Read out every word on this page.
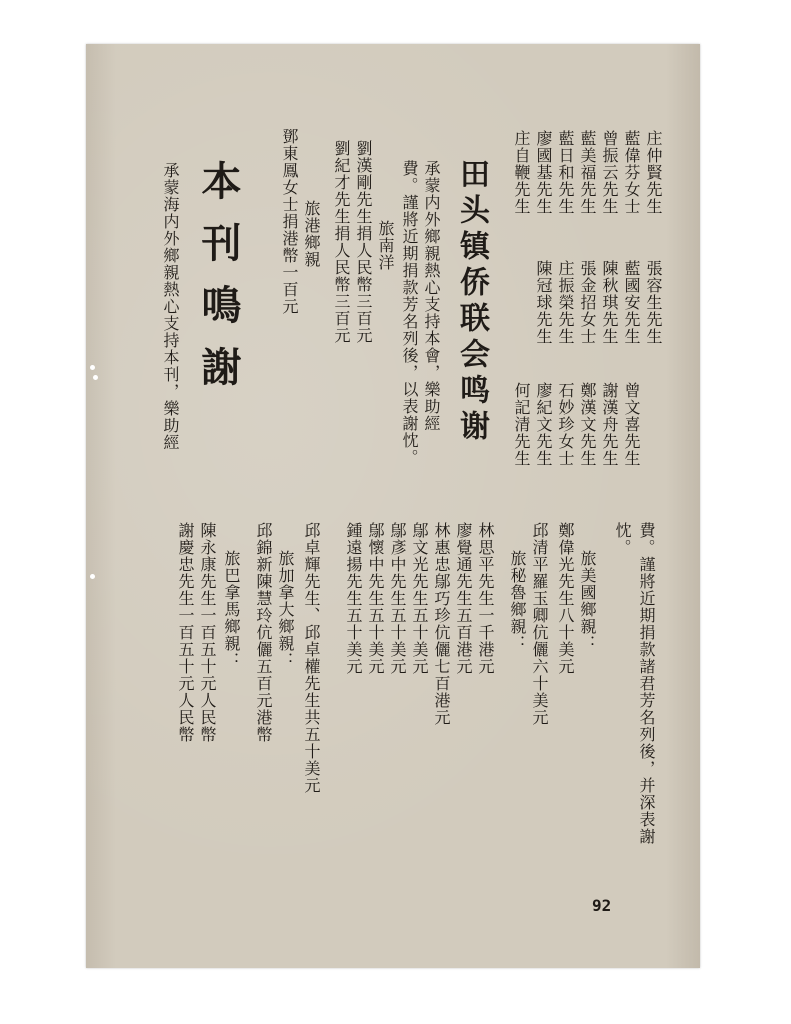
庄仲賢先生
藍偉芬女士
曾振云先生
藍美福先生
藍日和先生
廖國基先生
庄自鞭先生
張容生先生
藍國安先生
陳秋琪先生
張金招女士
庄振榮先生
陳冠球先生
曾文喜先生
謝漢舟先生
鄭漢文先生
石妙珍女士
廖紀文先生
何記清先生
田头镇侨联会鸣谢
承蒙内外鄉親熱心支持本會，樂助經
費。謹將近期捐款芳名列後，以表謝忱。
旅南洋
劉漢剛先生捐人民幣三百元
劉紀才先生捐人民幣三百元
旅港鄉親
鄧東鳳女士捐港幣一百元
本刊鳴謝
承蒙海内外鄉親熱心支持本刊，樂助經
費。謹將近期捐款諸君芳名列後，并深表謝
忱。
旅美國鄉親：
鄭偉光先生八十美元
旅秘魯鄉親： 邱清平羅玉卿伉儷六十美元
林思平先生一千港元
廖覺通先生五百港元
林惠忠鄔巧珍伉儷七百港元
鄔文光先生五十美元
鄔彥中先生五十美元
鄔懷中先生五十美元
鍾遠揚先生五十美元
邱卓輝先生、邱卓權先生共五十美元
旅加拿大鄉親：
邱錦新陳慧玲伉儷五百元港幣
旅巴拿馬鄉親：
陳永康先生一百五十元人民幣
謝慶忠先生一百五十元人民幣
92
